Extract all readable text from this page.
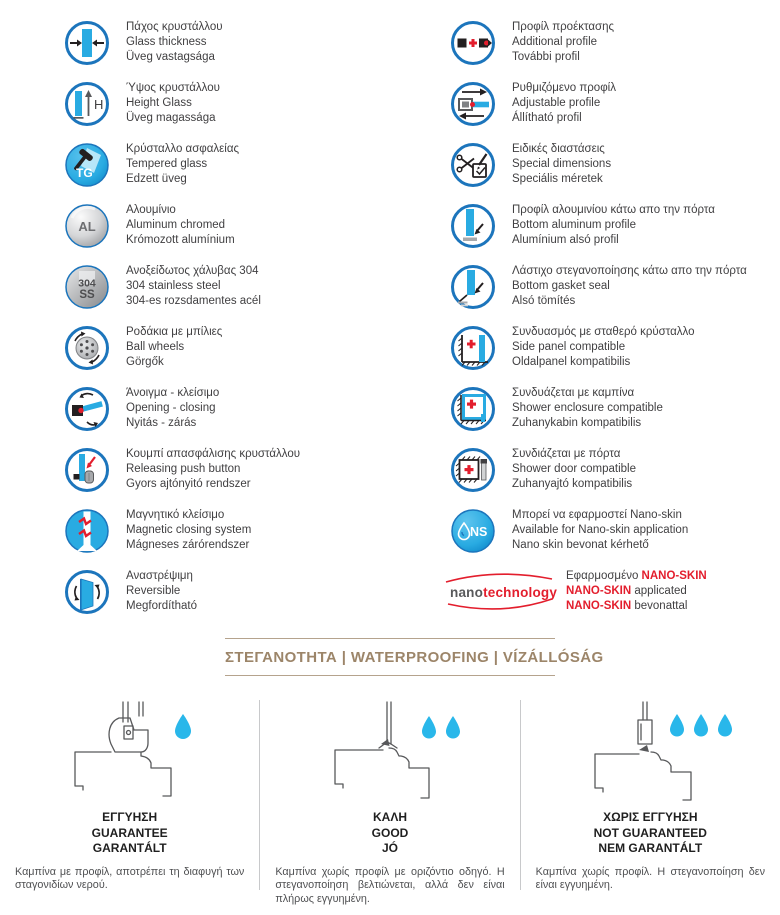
Πάχος κρυστάλλου
Glass thickness
Üveg vastagsága
H
Ύψος κρυστάλλου
Height Glass
Üveg magassága
TG
Κρύσταλλο ασφαλείας
Tempered glass
Edzett üveg
AL
Αλουμίνιο
Aluminum chromed
Krómozott alumínium
304
SS
Ανοξείδωτος χάλυβας 304
304 stainless steel
304-es rozsdamentes acél
Ροδάκια με μπίλιες
Ball wheels
Görgők
Άνοιγμα - κλείσιμο
Opening - closing
Nyitás - zárás
Κουμπί απασφάλισης κρυστάλλου
Releasing push button
Gyors ajtónyitó rendszer
Μαγνητικό κλείσιμο
Magnetic closing system
Mágneses zárórendszer
Αναστρέψιμη
Reversible
Megfordítható
Προφίλ προέκτασης
Additional profile
További profil
Ρυθμιζόμενο προφίλ
Adjustable profile
Állítható profil
Ειδικές διαστάσεις
Special dimensions
Speciális méretek
Προφίλ αλουμινίου κάτω απο την πόρτα
Bottom aluminum profile
Alumínium alsó profil
Λάστιχο στεγανοποίησης κάτω απο την πόρτα
Bottom gasket seal
Alsó tömítés
Συνδυασμός με σταθερό κρύσταλλο
Side panel compatible
Oldalpanel kompatibilis
Συνδυάζεται με καμπίνα
Shower enclosure compatible
Zuhanykabin kompatibilis
Συνδιάζεται με πόρτα
Shower door compatible
Zuhanyajtó kompatibilis
NS
Μπορεί να εφαρμοστεί Nano-skin
Available for Nano-skin application
Nano skin bevonat kérhető
nanotechnology
Εφαρμοσμένο NANO-SKIN
NANO-SKIN applicated
NANO-SKIN bevonattal
ΣΤΕΓΑΝΟΤΗΤΑ | WATERPROOFING | VÍZÁLLÓSÁG
ΕΓΓΥΗΣΗ
GUARANTEE
GARANTÁLT
Καμπίνα με προφίλ, αποτρέπει τη διαφυγή των σταγονιδίων νερού.
ΚΑΛΗ
GOOD
JÓ
Καμπίνα χωρίς προφίλ με οριζόντιο οδηγό. Η στεγανοποίηση βελτιώνεται, αλλά δεν είναι πλήρως εγγυημένη.
ΧΩΡΙΣ ΕΓΓΥΗΣΗ
NOT GUARANTEED
NEM GARANTÁLT
Καμπίνα χωρίς προφίλ. Η στεγανοποίηση δεν είναι εγγυημένη.
